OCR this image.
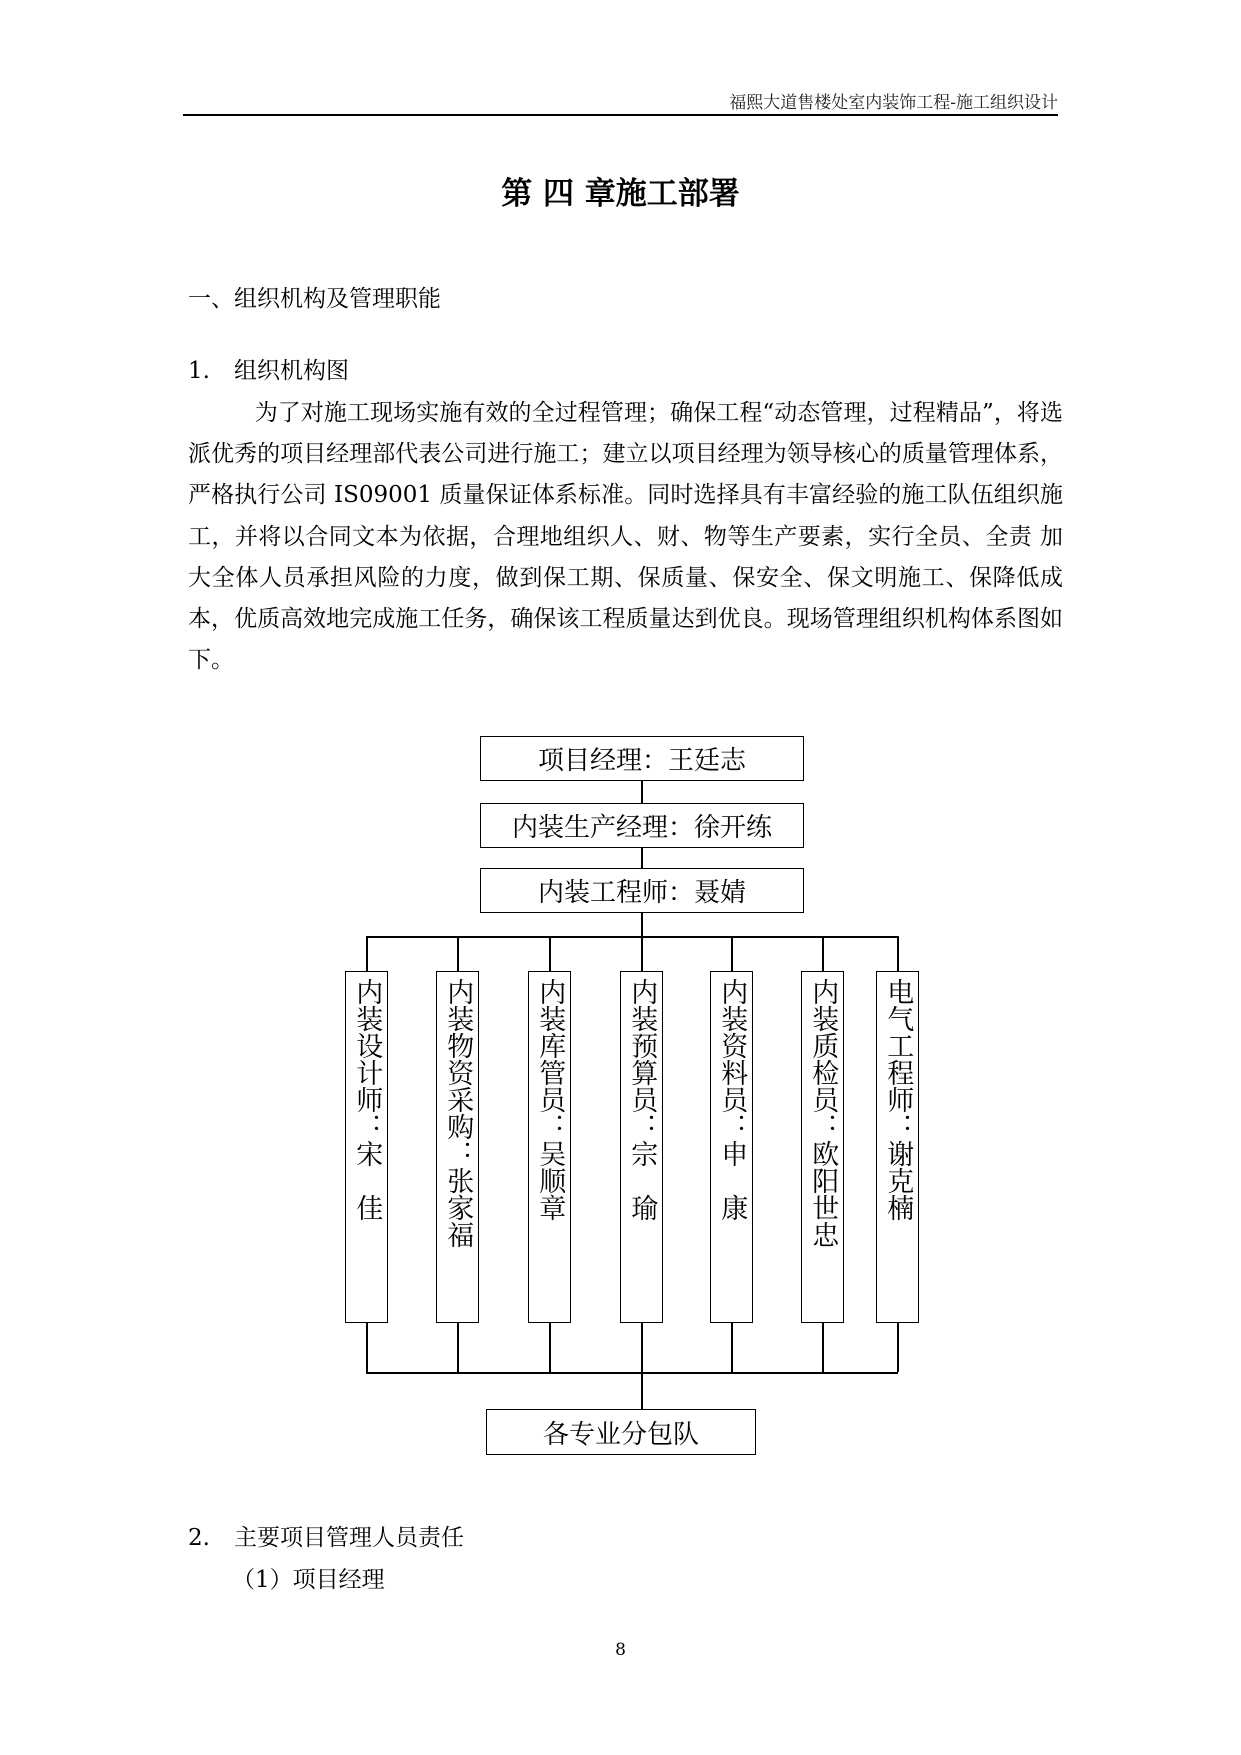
福熙大道售楼处室内装饰工程-施工组织设计
第 四 章施工部署
一、组织机构及管理职能
1. 组织机构图

为了对施工现场实施有效的全过程管理；确保工程“动态管理，过程精品”，将选派优秀的项目经理部代表公司进行施工；建立以项目经理为领导核心的质量管理体系，严格执行公司 IS09001 质量保证体系标准。同时选择具有丰富经验的施工队伍组织施工，并将以合同文本为依据，合理地组织人、财、物等生产要素，实行全员、全责 加大全体人员承担风险的力度，做到保工期、保质量、保安全、保文明施工、保降低成本，优质高效地完成施工任务，确保该工程质量达到优良。现场管理组织机构体系图如下。

项目经理：王廷志
内装生产经理：徐开练
内装工程师：聂婧
内装设计师：宋　佳 内装物资采购：张家福 内装库管员：吴顺章 内装预算员：宗　瑜 内装资料员：申　康 内装质检员：欧阳世忠 电气工程师：谢克楠
各专业分包队
2. 主要项目管理人员责任
（1）项目经理
8
